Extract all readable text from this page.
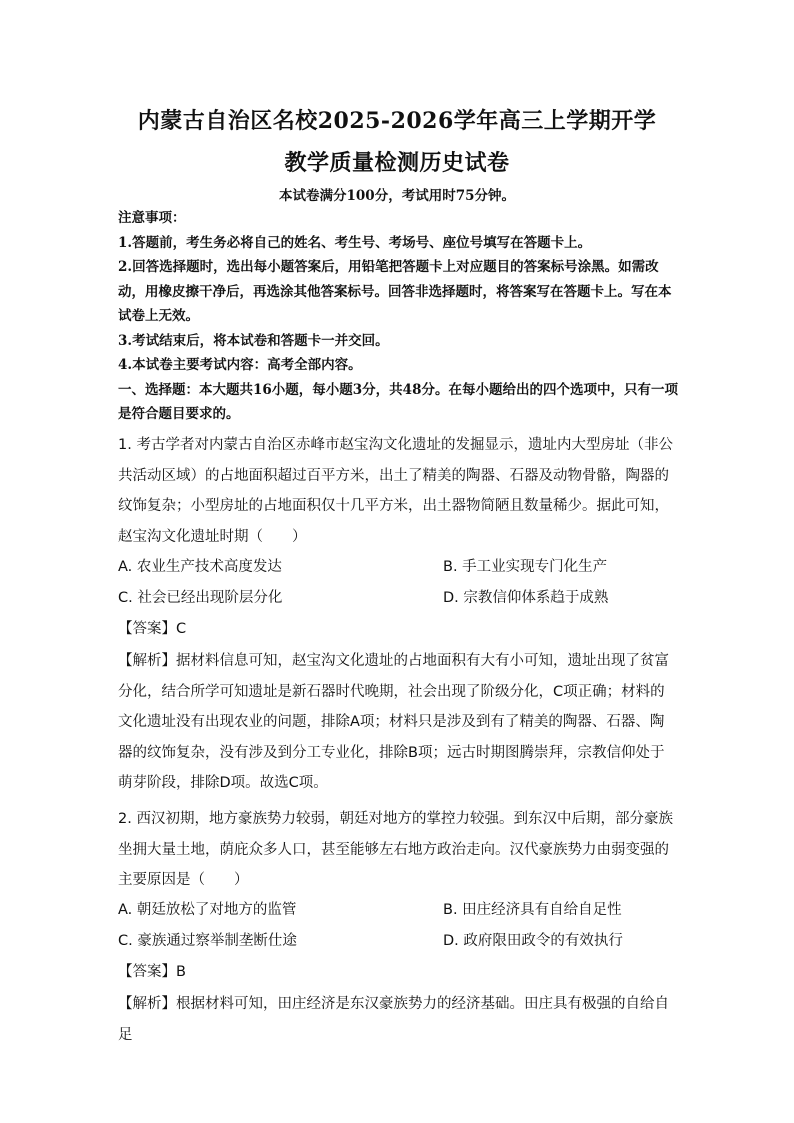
内蒙古自治区名校2025-2026学年高三上学期开学
教学质量检测历史试卷
本试卷满分100分，考试用时75分钟。

注意事项：

1.答题前，考生务必将自己的姓名、考生号、考场号、座位号填写在答题卡上。

2.回答选择题时，选出每小题答案后，用铅笔把答题卡上对应题目的答案标号涂黑。如需改动，用橡皮擦干净后，再选涂其他答案标号。回答非选择题时，将答案写在答题卡上。写在本试卷上无效。

3.考试结束后，将本试卷和答题卡一并交回。

4.本试卷主要考试内容：高考全部内容。

一、选择题：本大题共16小题，每小题3分，共48分。在每小题给出的四个选项中，只有一项是符合题目要求的。

1. 考古学者对内蒙古自治区赤峰市赵宝沟文化遗址的发掘显示，遗址内大型房址（非公共活动区域）的占地面积超过百平方米，出土了精美的陶器、石器及动物骨骼，陶器的纹饰复杂；小型房址的占地面积仅十几平方米，出土器物简陋且数量稀少。据此可知，赵宝沟文化遗址时期（　　）
A. 农业生产技术高度发达	B. 手工业实现专门化生产
C. 社会已经出现阶层分化	D. 宗教信仰体系趋于成熟

【答案】C

【解析】据材料信息可知，赵宝沟文化遗址的占地面积有大有小可知，遗址出现了贫富分化，结合所学可知遗址是新石器时代晚期，社会出现了阶级分化，C项正确；材料的文化遗址没有出现农业的问题，排除A项；材料只是涉及到有了精美的陶器、石器、陶器的纹饰复杂，没有涉及到分工专业化，排除B项；远古时期图腾崇拜，宗教信仰处于萌芽阶段，排除D项。故选C项。

2. 西汉初期，地方豪族势力较弱，朝廷对地方的掌控力较强。到东汉中后期，部分豪族坐拥大量土地，荫庇众多人口，甚至能够左右地方政治走向。汉代豪族势力由弱变强的主要原因是（　　）
A. 朝廷放松了对地方的监管	B. 田庄经济具有自给自足性
C. 豪族通过察举制垄断仕途	D. 政府限田政令的有效执行

【答案】B

【解析】根据材料可知，田庄经济是东汉豪族势力的经济基础。田庄具有极强的自给自足
